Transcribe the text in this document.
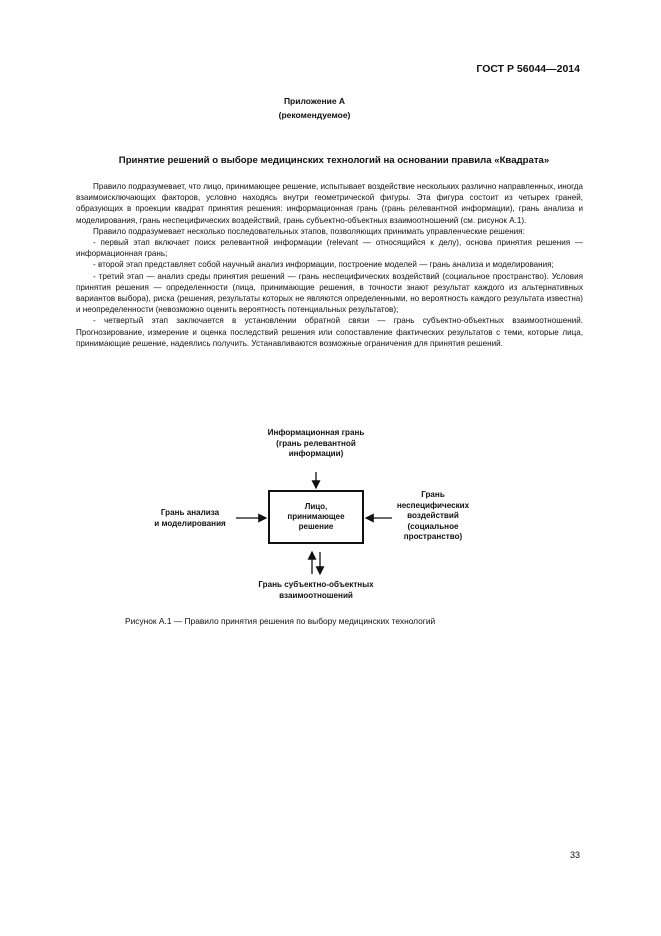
ГОСТ Р 56044—2014
Приложение А
(рекомендуемое)
Принятие решений о выборе медицинских технологий на основании правила «Квадрата»

Правило подразумевает, что лицо, принимающее решение, испытывает воздействие нескольких различно направленных, иногда взаимоисключающих факторов, условно находясь внутри геометрической фигуры. Эта фигура состоит из четырех граней, образующих в проекции квадрат принятия решения: информационная грань (грань релевантной информации), грань анализа и моделирования, грань неспецифических воздействий, грань субъектно-объектных взаимоотношений (см. рисунок А.1).

Правило подразумевает несколько последовательных этапов, позволяющих принимать управленческие решения:

- первый этап включает поиск релевантной информации (relevant — относящийся к делу), основа принятия решения — информационная грань;

- второй этап представляет собой научный анализ информации, построение моделей — грань анализа и моделирования;

- третий этап — анализ среды принятия решений — грань неспецифических воздействий (социальное пространство). Условия принятия решения — определенности (лица, принимающие решения, в точности знают результат каждого из альтернативных вариантов выбора), риска (решения, результаты которых не являются определенными, но вероятность каждого результата известна) и неопределенности (невозможно оценить вероятность потенциальных результатов);

- четвертый этап заключается в установлении обратной связи — грань субъектно-объектных взаимоотношений. Прогнозирование, измерение и оценка последствий решения или сопоставление фактических результатов с теми, которые лица, принимающие решение, надеялись получить. Устанавливаются возможные ограничения для принятия решений.

Информационная грань
(грань релевантной
информации)
Грань анализа
и моделирования
Грань
неспецифических
воздействий
(социальное
пространство)
Грань субъектно-объектных
взаимоотношений
Лицо,
принимающее
решение
Рисунок А.1 — Правило принятия решения по выбору медицинских технологий
33
